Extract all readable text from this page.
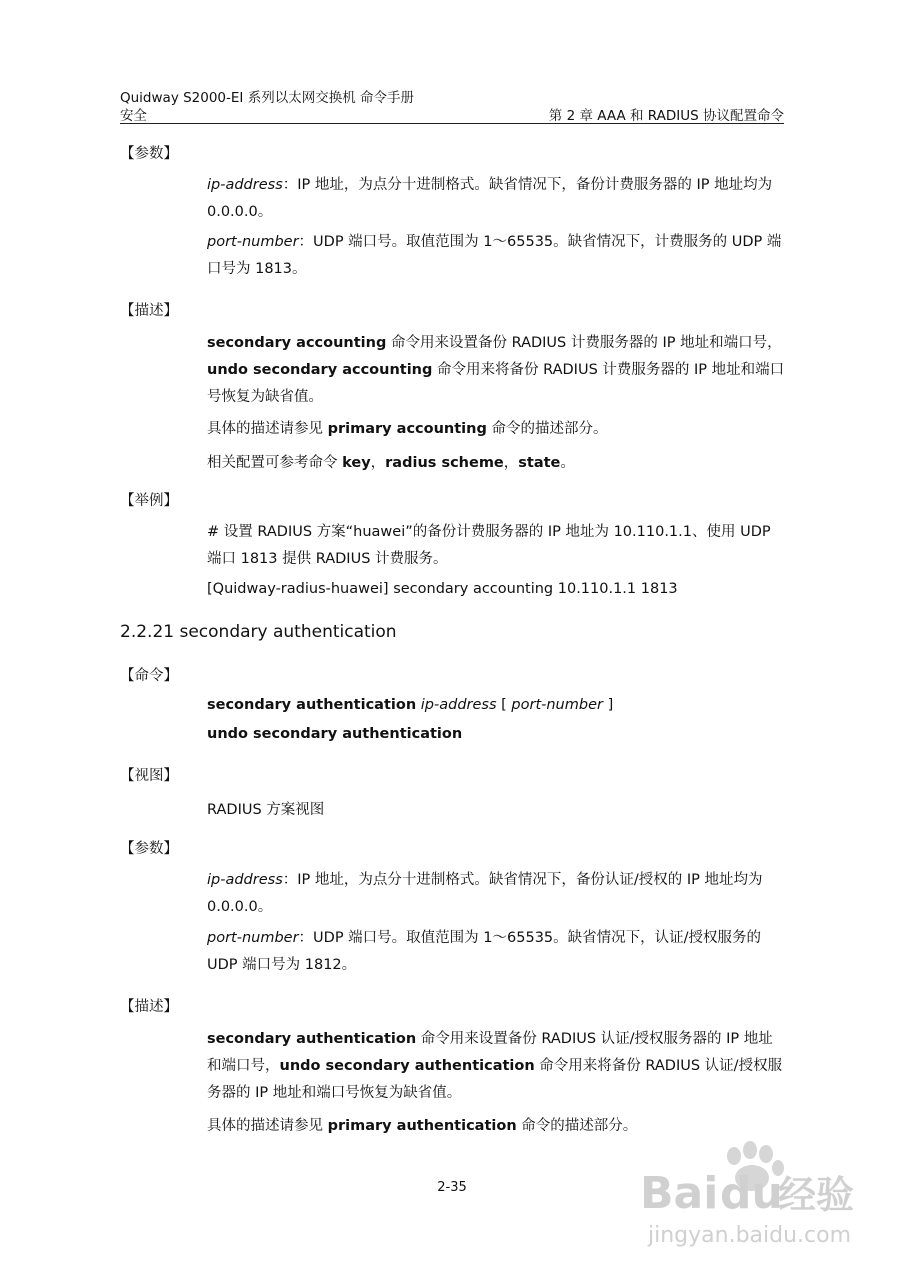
Quidway S2000-EI 系列以太网交换机 命令手册
安全	第 2 章 AAA 和 RADIUS 协议配置命令
【参数】
ip-address：IP 地址，为点分十进制格式。缺省情况下，备份计费服务器的 IP 地址均为 0.0.0.0。
port-number：UDP 端口号。取值范围为 1～65535。缺省情况下，计费服务的 UDP 端口号为 1813。
【描述】
secondary accounting 命令用来设置备份 RADIUS 计费服务器的 IP 地址和端口号，undo secondary accounting 命令用来将备份 RADIUS 计费服务器的 IP 地址和端口号恢复为缺省值。
具体的描述请参见 primary accounting 命令的描述部分。
相关配置可参考命令 key，radius scheme，state。
【举例】
# 设置 RADIUS 方案“huawei”的备份计费服务器的 IP 地址为 10.110.1.1、使用 UDP 端口 1813 提供 RADIUS 计费服务。
[Quidway-radius-huawei] secondary accounting 10.110.1.1 1813
2.2.21 secondary authentication
【命令】
secondary authentication ip-address [ port-number ]
undo secondary authentication
【视图】
RADIUS 方案视图
【参数】
ip-address：IP 地址，为点分十进制格式。缺省情况下，备份认证/授权的 IP 地址均为 0.0.0.0。
port-number：UDP 端口号。取值范围为 1～65535。缺省情况下，认证/授权服务的 UDP 端口号为 1812。
【描述】
secondary authentication 命令用来设置备份 RADIUS 认证/授权服务器的 IP 地址和端口号，undo secondary authentication 命令用来将备份 RADIUS 认证/授权服务器的 IP 地址和端口号恢复为缺省值。
具体的描述请参见 primary authentication 命令的描述部分。
2-35	Bai du
经验
jingyan.baidu.com
